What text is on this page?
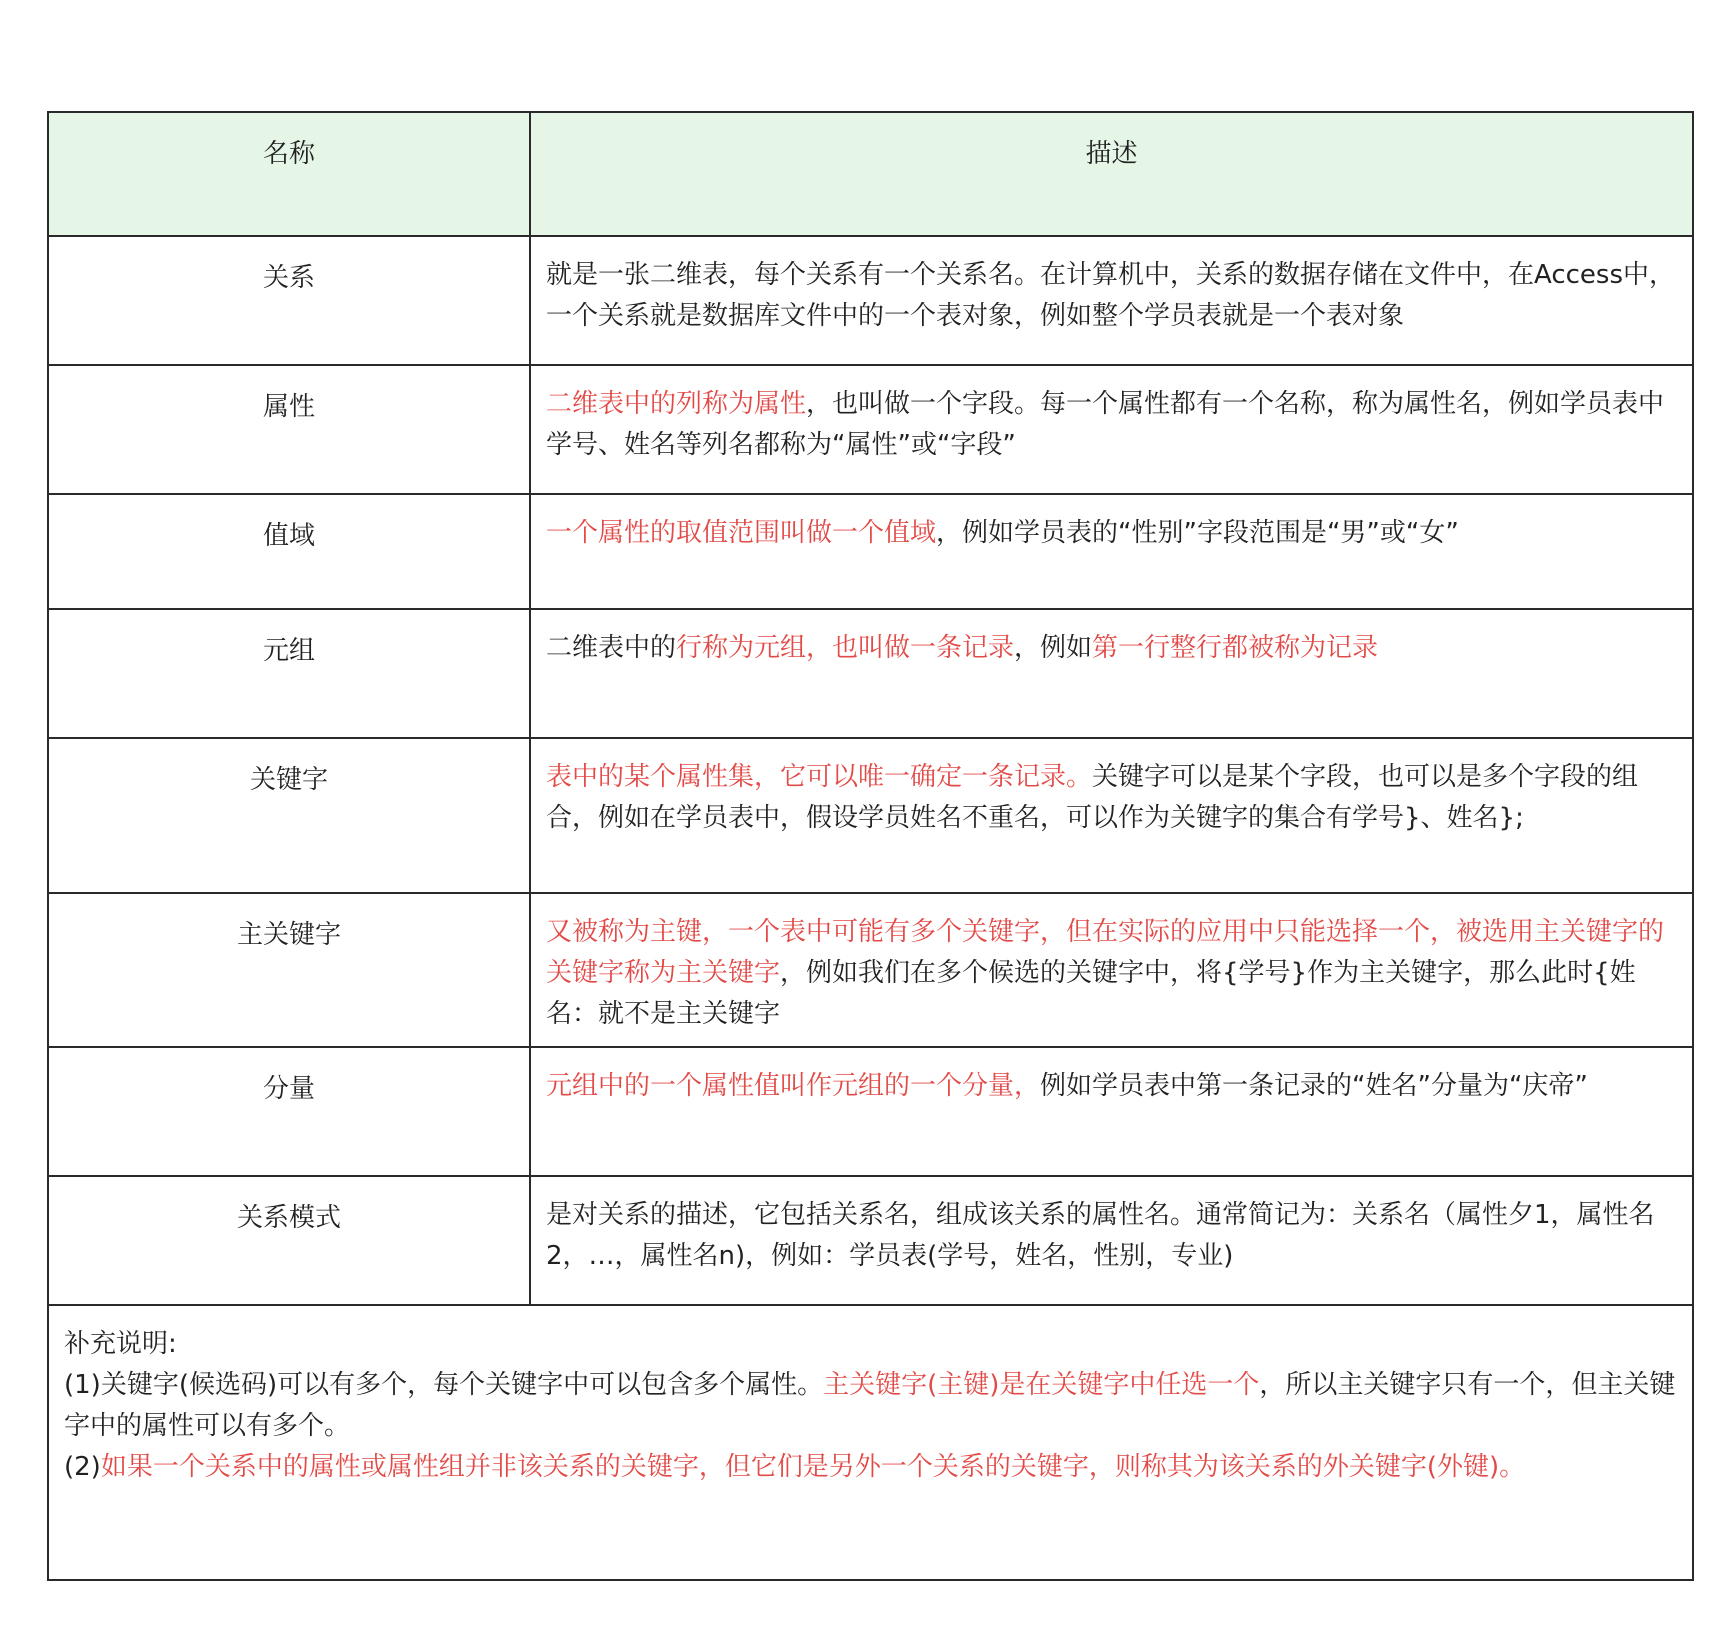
名称	描述
关系	就是一张二维表，每个关系有一个关系名。在计算机中，关系的数据存储在文件中，在Access中，一个关系就是数据库文件中的一个表对象，例如整个学员表就是一个表对象
属性	二维表中的列称为属性，也叫做一个字段。每一个属性都有一个名称，称为属性名，例如学员表中学号、姓名等列名都称为“属性”或“字段”
值域	一个属性的取值范围叫做一个值域，例如学员表的“性别”字段范围是“男”或“女”
元组	二维表中的行称为元组，也叫做一条记录，例如第一行整行都被称为记录
关键字	表中的某个属性集，它可以唯一确定一条记录。关键字可以是某个字段，也可以是多个字段的组合，例如在学员表中，假设学员姓名不重名，可以作为关键字的集合有学号}、姓名};
主关键字	又被称为主键，一个表中可能有多个关键字，但在实际的应用中只能选择一个，被选用主关键字的关键字称为主关键字，例如我们在多个候选的关键字中，将{学号}作为主关键字，那么此时{姓名：就不是主关键字
分量	元组中的一个属性值叫作元组的一个分量，例如学员表中第一条记录的“姓名”分量为“庆帝”
关系模式	是对关系的描述，它包括关系名，组成该关系的属性名。通常简记为：关系名（属性夕1，属性名2，…，属性名n)，例如：学员表(学号，姓名，性别，专业)

补充说明:
(1)关键字(候选码)可以有多个，每个关键字中可以包含多个属性。主关键字(主键)是在关键字中任选一个，所以主关键字只有一个，但主关键字中的属性可以有多个。
(2)如果一个关系中的属性或属性组并非该关系的关键字，但它们是另外一个关系的关键字，则称其为该关系的外关键字(外键)。	
